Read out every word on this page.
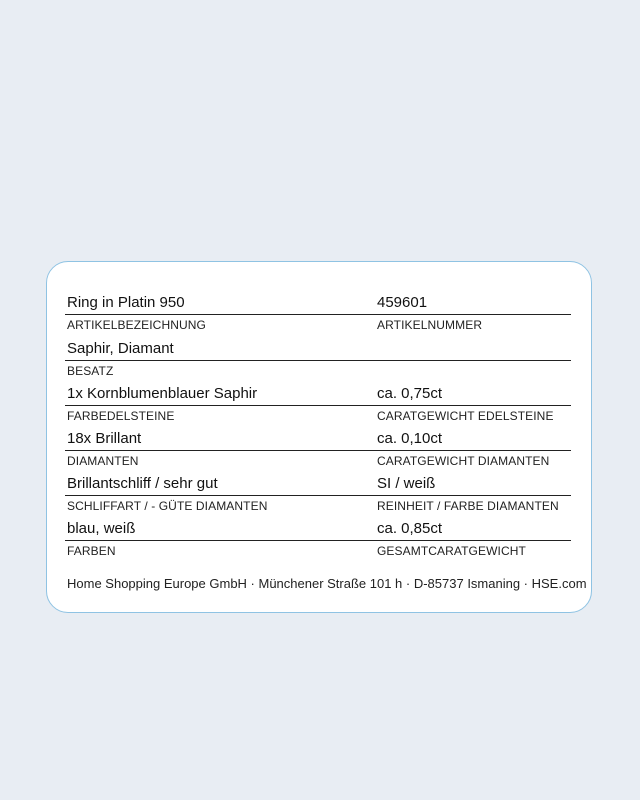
Ring in Platin 950	459601
ARTIKELBEZEICHNUNG	ARTIKELNUMMER
Saphir, Diamant
BESATZ
1x Kornblumenblauer Saphir	ca. 0,75ct
FARBEDELSTEINE	CARATGEWICHT EDELSTEINE
18x Brillant	ca. 0,10ct
DIAMANTEN	CARATGEWICHT DIAMANTEN
Brillantschliff / sehr gut	SI / weiß
SCHLIFFART / - GÜTE DIAMANTEN	REINHEIT / FARBE DIAMANTEN
blau, weiß	ca. 0,85ct
FARBEN	GESAMTCARATGEWICHT
Home Shopping Europe GmbH · Münchener Straße 101 h · D-85737 Ismaning · HSE.com
